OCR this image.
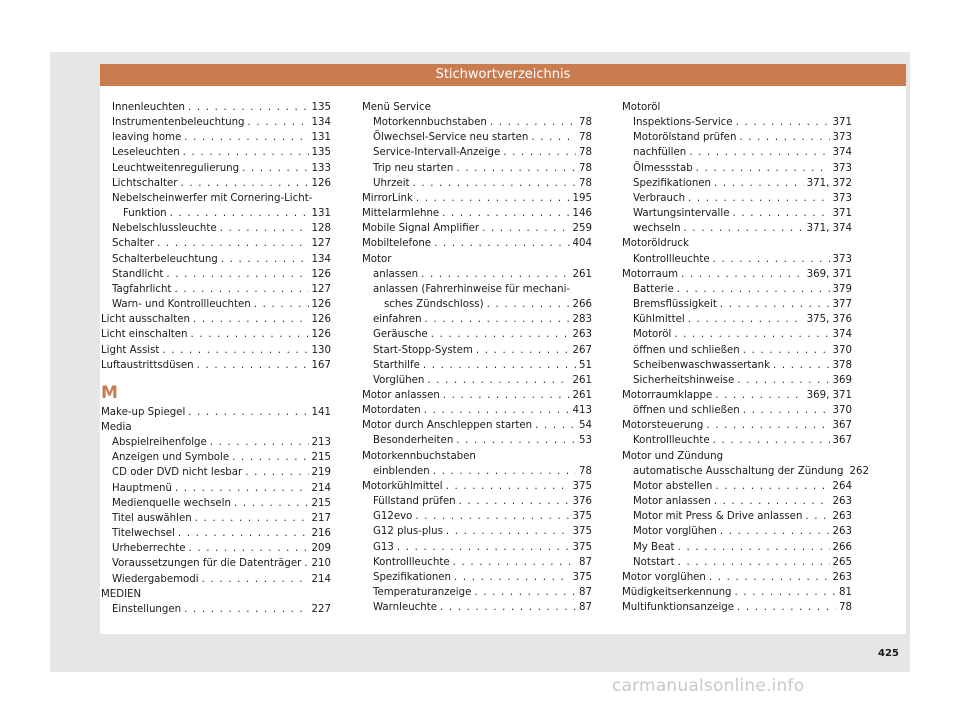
Stichwortverzeichnis
Innenleuchten . . .	135
Instrumentenbeleuchtung . . .	134
leaving home . . .	131
Leseleuchten . . .	135
Leuchtweitenregulierung . . .	133
Lichtschalter . . .	126
Nebelscheinwerfer mit Cornering-Licht-
Funktion . . .	131
Nebelschlussleuchte . . .	128
Schalter . . .	127
Schalterbeleuchtung . . .	134
Standlicht . . .	126
Tagfahrlicht . . .	127
Warn- und Kontrollleuchten . . .	126
Licht ausschalten . . .	126
Licht einschalten . . .	126
Light Assist . . .	130
Luftaustrittsdüsen . . .	167
M
Make-up Spiegel . . .	141
Media
Abspielreihenfolge . . .	213
Anzeigen und Symbole . . .	215
CD oder DVD nicht lesbar . . .	219
Hauptmenü . . .	214
Medienquelle wechseln . . .	215
Titel auswählen . . .	217
Titelwechsel . . .	216
Urheberrechte . . .	209
Voraussetzungen für die Datenträger . . . 210
Wiedergabemodi . . .	214
MEDIEN
Einstellungen . . .	227
Menü Service
Motorkennbuchstaben . . .	78
Ölwechsel-Service neu starten . . .	78
Service-Intervall-Anzeige . . .	78
Trip neu starten . . .	78
Uhrzeit . . .	78
MirrorLink . . .	195
Mittelarmlehne . . .	146
Mobile Signal Amplifier . . .	259
Mobiltelefone . . .	404
Motor
anlassen . . .	261
anlassen (Fahrerhinweise für mechani-
sches Zündschloss) . . .	266
einfahren . . .	283
Geräusche . . .	263
Start-Stopp-System . . .	267
Starthilfe . . .	51
Vorglühen . . .	261
Motor anlassen . . .	261
Motordaten . . .	413
Motor durch Anschleppen starten . . .	54
Besonderheiten . . .	53
Motorkennbuchstaben
einblenden . . .	78
Motorkühlmittel . . .	375
Füllstand prüfen . . .	376
G12evo . . .	375
G12 plus-plus . . .	375
G13 . . .	375
Kontrollleuchte . . .	87
Spezifikationen . . .	375
Temperaturanzeige . . .	87
Warnleuchte . . .	87
Motoröl
Inspektions-Service . . .	371
Motorölstand prüfen . . .	373
nachfüllen . . .	374
Ölmessstab . . .	373
Spezifikationen . . .	371, 372
Verbrauch . . .	373
Wartungsintervalle . . .	371
wechseln . . .	371, 374
Motoröldruck
Kontrollleuchte . . .	373
Motorraum . . .	369, 371
Batterie . . .	379
Bremsflüssigkeit . . .	377
Kühlmittel . . .	375, 376
Motoröl . . .	374
öffnen und schließen . . .	370
Scheibenwaschwassertank . . .	378
Sicherheitshinweise . . .	369
Motorraumklappe . . .	369, 371
öffnen und schließen . . .	370
Motorsteuerung . . .	367
Kontrollleuchte . . .	367
Motor und Zündung
automatische Ausschaltung der Zündung 262
Motor abstellen . . .	264
Motor anlassen . . .	263
Motor mit Press & Drive anlassen . . .	263
Motor vorglühen . . .	263
My Beat . . .	266
Notstart . . .	265
Motor vorglühen . . .	263
Müdigkeitserkennung . . .	81
Multifunktionsanzeige . . .	78
425
carmanualsonline.info
